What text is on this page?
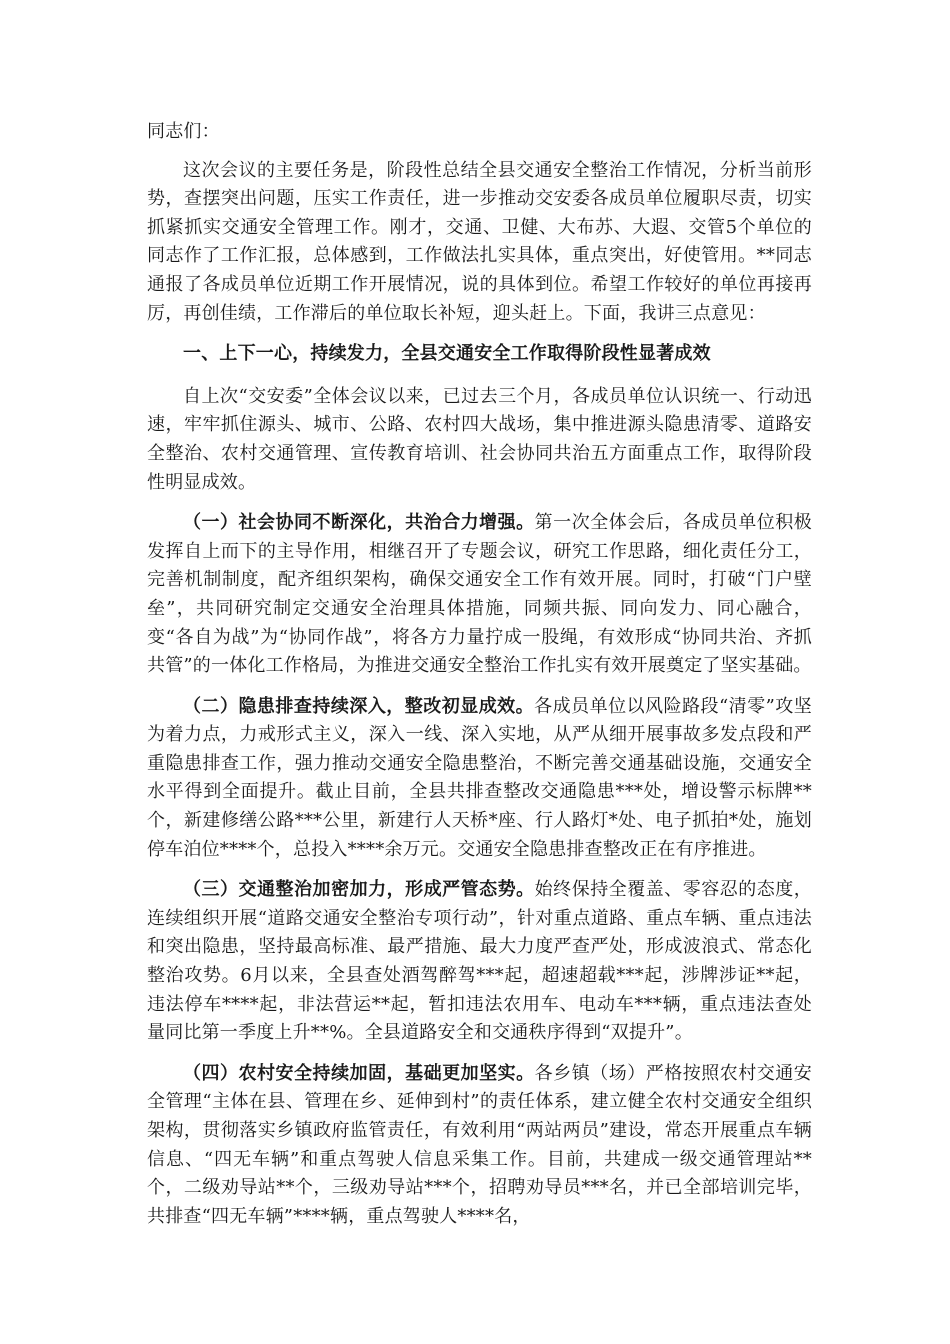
同志们：

这次会议的主要任务是，阶段性总结全县交通安全整治工作情况，分析当前形势，查摆突出问题，压实工作责任，进一步推动交安委各成员单位履职尽责，切实抓紧抓实交通安全管理工作。刚才，交通、卫健、大布苏、大遐、交管5个单位的同志作了工作汇报，总体感到，工作做法扎实具体，重点突出，好使管用。**同志通报了各成员单位近期工作开展情况，说的具体到位。希望工作较好的单位再接再厉，再创佳绩，工作滞后的单位取长补短，迎头赶上。下面，我讲三点意见：

一、上下一心，持续发力，全县交通安全工作取得阶段性显著成效

自上次“交安委”全体会议以来，已过去三个月，各成员单位认识统一、行动迅速，牢牢抓住源头、城市、公路、农村四大战场，集中推进源头隐患清零、道路安全整治、农村交通管理、宣传教育培训、社会协同共治五方面重点工作，取得阶段性明显成效。

（一）社会协同不断深化，共治合力增强。第一次全体会后，各成员单位积极发挥自上而下的主导作用，相继召开了专题会议，研究工作思路，细化责任分工，完善机制制度，配齐组织架构，确保交通安全工作有效开展。同时，打破“门户壁垒”，共同研究制定交通安全治理具体措施，同频共振、同向发力、同心融合，变“各自为战”为“协同作战”，将各方力量拧成一股绳，有效形成“协同共治、齐抓共管”的一体化工作格局，为推进交通安全整治工作扎实有效开展奠定了坚实基础。

（二）隐患排查持续深入，整改初显成效。各成员单位以风险路段“清零”攻坚为着力点，力戒形式主义，深入一线、深入实地，从严从细开展事故多发点段和严重隐患排查工作，强力推动交通安全隐患整治，不断完善交通基础设施，交通安全水平得到全面提升。截止目前，全县共排查整改交通隐患***处，增设警示标牌**个，新建修缮公路***公里，新建行人天桥*座、行人路灯*处、电子抓拍*处，施划停车泊位****个，总投入****余万元。交通安全隐患排查整改正在有序推进。

（三）交通整治加密加力，形成严管态势。始终保持全覆盖、零容忍的态度，连续组织开展“道路交通安全整治专项行动”，针对重点道路、重点车辆、重点违法和突出隐患，坚持最高标准、最严措施、最大力度严查严处，形成波浪式、常态化整治攻势。6月以来，全县查处酒驾醉驾***起，超速超载***起，涉牌涉证**起，违法停车****起，非法营运**起，暂扣违法农用车、电动车***辆，重点违法查处量同比第一季度上升**%。全县道路安全和交通秩序得到“双提升”。

（四）农村安全持续加固，基础更加坚实。各乡镇（场）严格按照农村交通安全管理“主体在县、管理在乡、延伸到村”的责任体系，建立健全农村交通安全组织架构，贯彻落实乡镇政府监管责任，有效利用“两站两员”建设，常态开展重点车辆信息、“四无车辆”和重点驾驶人信息采集工作。目前，共建成一级交通管理站**个，二级劝导站**个，三级劝导站***个，招聘劝导员***名，并已全部培训完毕，共排查“四无车辆”****辆，重点驾驶人****名，
